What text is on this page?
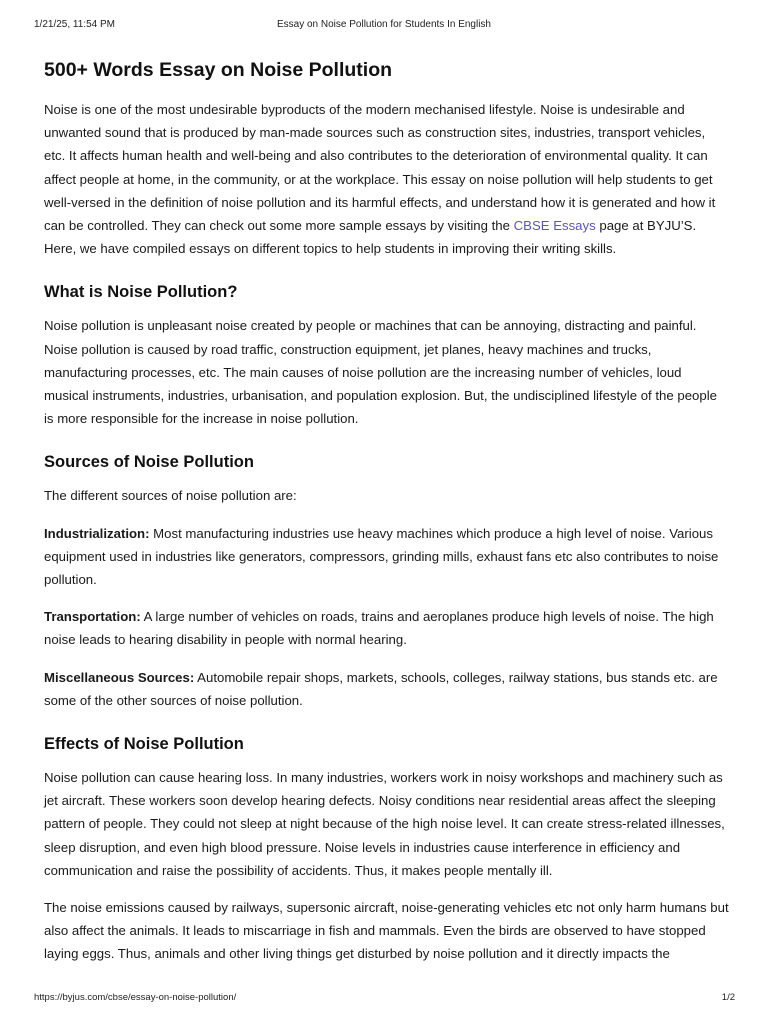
1/21/25, 11:54 PM	Essay on Noise Pollution for Students In English
500+ Words Essay on Noise Pollution

Noise is one of the most undesirable byproducts of the modern mechanised lifestyle. Noise is undesirable and unwanted sound that is produced by man-made sources such as construction sites, industries, transport vehicles, etc. It affects human health and well-being and also contributes to the deterioration of environmental quality. It can affect people at home, in the community, or at the workplace. This essay on noise pollution will help students to get well-versed in the definition of noise pollution and its harmful effects, and understand how it is generated and how it can be controlled. They can check out some more sample essays by visiting the CBSE Essays page at BYJU’S. Here, we have compiled essays on different topics to help students in improving their writing skills.

What is Noise Pollution?

Noise pollution is unpleasant noise created by people or machines that can be annoying, distracting and painful. Noise pollution is caused by road traffic, construction equipment, jet planes, heavy machines and trucks, manufacturing processes, etc. The main causes of noise pollution are the increasing number of vehicles, loud musical instruments, industries, urbanisation, and population explosion. But, the undisciplined lifestyle of the people is more responsible for the increase in noise pollution.

Sources of Noise Pollution

The different sources of noise pollution are:

Industrialization: Most manufacturing industries use heavy machines which produce a high level of noise. Various equipment used in industries like generators, compressors, grinding mills, exhaust fans etc also contributes to noise pollution.

Transportation: A large number of vehicles on roads, trains and aeroplanes produce high levels of noise. The high noise leads to hearing disability in people with normal hearing.

Miscellaneous Sources: Automobile repair shops, markets, schools, colleges, railway stations, bus stands etc. are some of the other sources of noise pollution.

Effects of Noise Pollution

Noise pollution can cause hearing loss. In many industries, workers work in noisy workshops and machinery such as jet aircraft. These workers soon develop hearing defects. Noisy conditions near residential areas affect the sleeping pattern of people. They could not sleep at night because of the high noise level. It can create stress-related illnesses, sleep disruption, and even high blood pressure. Noise levels in industries cause interference in efficiency and communication and raise the possibility of accidents. Thus, it makes people mentally ill.

The noise emissions caused by railways, supersonic aircraft, noise-generating vehicles etc not only harm humans but also affect the animals. It leads to miscarriage in fish and mammals. Even the birds are observed to have stopped laying eggs. Thus, animals and other living things get disturbed by noise pollution and it directly impacts the

https://byjus.com/cbse/essay-on-noise-pollution/	1/2
